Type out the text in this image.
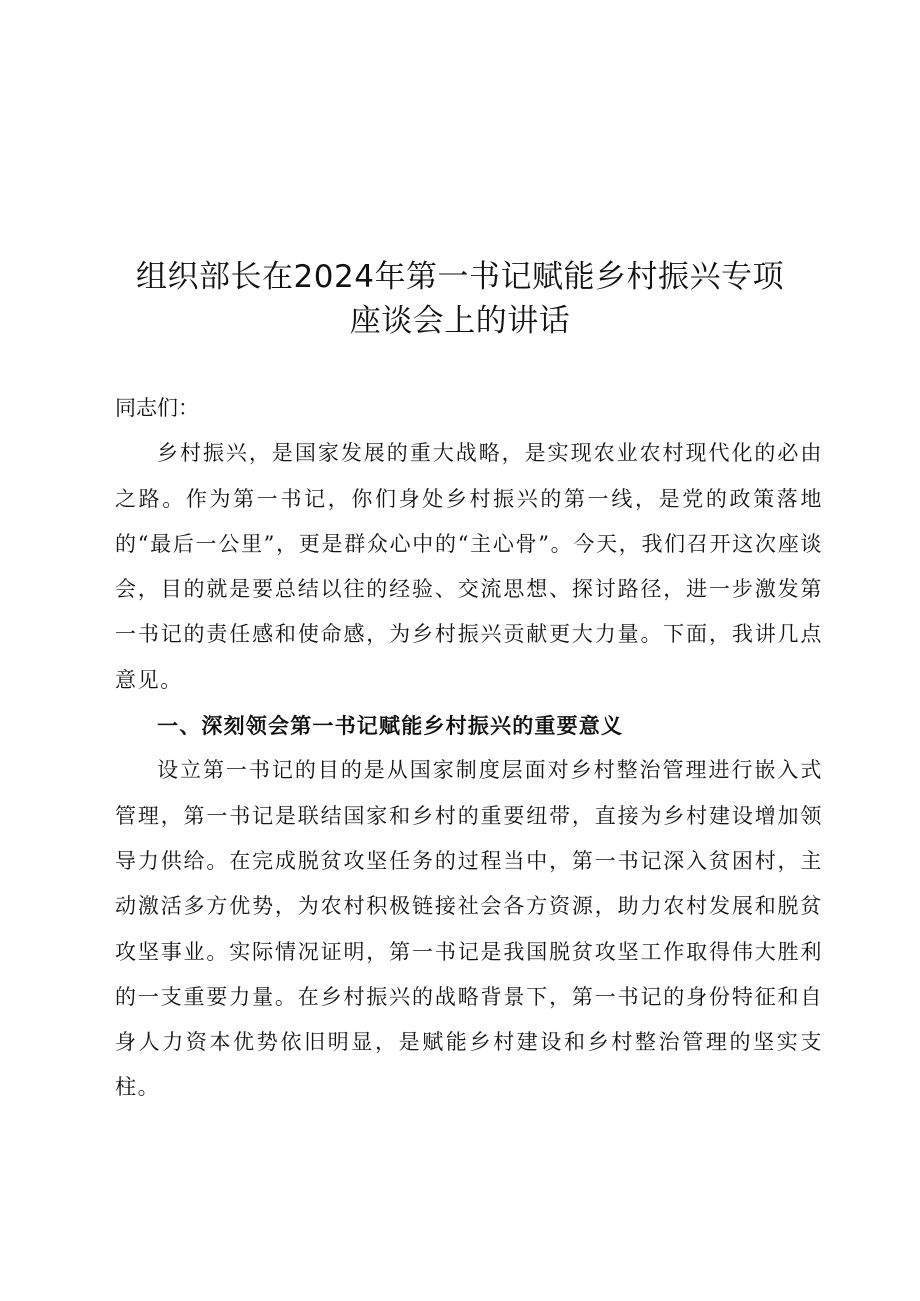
组织部长在2024年第一书记赋能乡村振兴专项
座谈会上的讲话

同志们：

乡村振兴，是国家发展的重大战略，是实现农业农村现代化的必由之路。作为第一书记，你们身处乡村振兴的第一线，是党的政策落地的“最后一公里”，更是群众心中的“主心骨”。今天，我们召开这次座谈会，目的就是要总结以往的经验、交流思想、探讨路径，进一步激发第一书记的责任感和使命感，为乡村振兴贡献更大力量。下面，我讲几点意见。

一、深刻领会第一书记赋能乡村振兴的重要意义

设立第一书记的目的是从国家制度层面对乡村整治管理进行嵌入式管理，第一书记是联结国家和乡村的重要纽带，直接为乡村建设增加领导力供给。在完成脱贫攻坚任务的过程当中，第一书记深入贫困村，主动激活多方优势，为农村积极链接社会各方资源，助力农村发展和脱贫攻坚事业。实际情况证明，第一书记是我国脱贫攻坚工作取得伟大胜利的一支重要力量。在乡村振兴的战略背景下，第一书记的身份特征和自身人力资本优势依旧明显，是赋能乡村建设和乡村整治管理的坚实支柱。
